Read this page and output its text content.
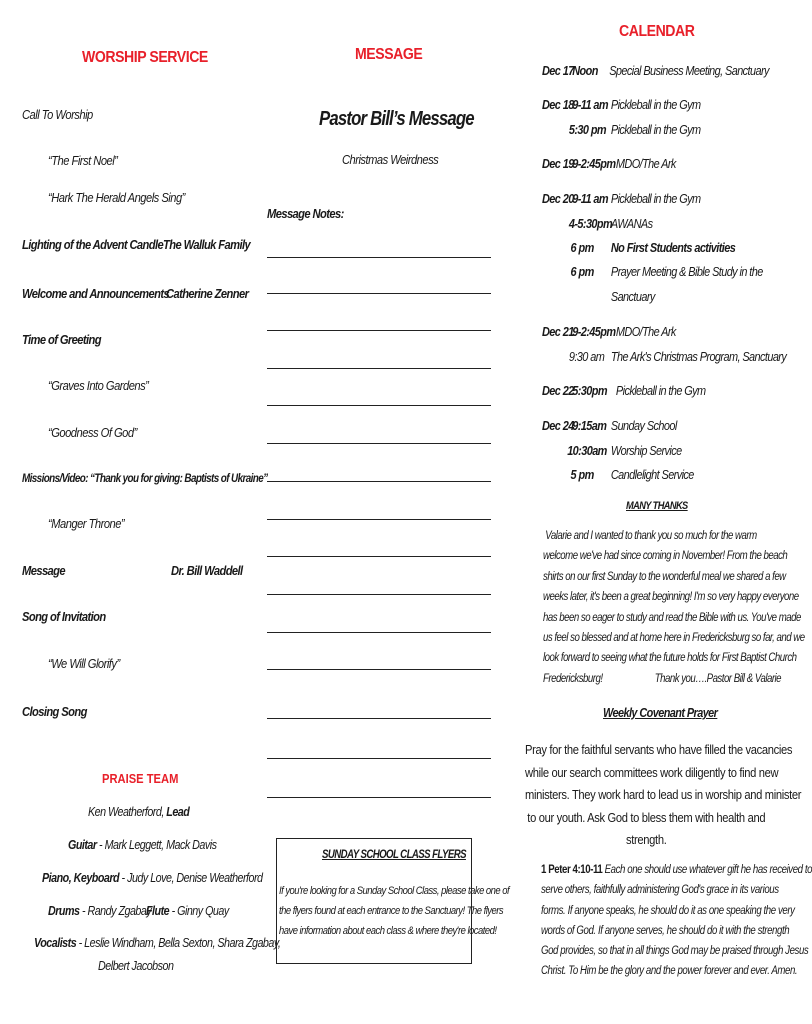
WORSHIP SERVICE
Call To Worship
“The First Noel”
“Hark The Herald Angels Sing”
Lighting of the Advent Candle The Walluk Family
Welcome and Announcements
Catherine Zenner
Time of Greeting
“Graves Into Gardens”
“Goodness Of God”
Missions/Video: “Thank you for giving: Baptists of Ukraine”
“Manger Throne”
Message	Dr. Bill Waddell
Song of Invitation
“We Will Glorify”
Closing Song
PRAISE TEAM
Ken Weatherford, Lead
Guitar - Mark Leggett, Mack Davis
Piano, Keyboard - Judy Love, Denise Weatherford
Drums - Randy Zgabay
Flute - Ginny Quay
Vocalists - Leslie Windham, Bella Sexton, Shara Zgabay,
Delbert Jacobson
MESSAGE
Pastor Bill’s Message
Christmas Weirdness
Message Notes:
SUNDAY SCHOOL CLASS FLYERS
If you're looking for a Sunday School Class, please take one of
the flyers found at each entrance to the Sanctuary! The flyers
have information about each class & where they're located!
CALENDAR
Dec 17
Noon Special Business Meeting, Sanctuary
Dec 18
9-11 am Pickleball in the Gym
5:30 pm Pickleball in the Gym
Dec 19
9-2:45pm MDO/The Ark
Dec 20
9-11 am Pickleball in the Gym
4-5:30pm
AWANAs
6 pm No First Students activities
6 pm Prayer Meeting & Bible Study in the
Sanctuary
Dec 21
9-2:45pm MDO/The Ark
9:30 am The Ark's Christmas Program, Sanctuary
Dec 22
5:30pm Pickleball in the Gym
Dec 24
9:15am Sunday School
10:30am Worship Service
5 pm Candlelight Service
MANY THANKS
Valarie and I wanted to thank you so much for the warm
welcome we've had since coming in November! From the beach
shirts on our first Sunday to the wonderful meal we shared a few
weeks later, it's been a great beginning! I'm so very happy everyone
has been so eager to study and read the Bible with us. You've made
us feel so blessed and at home here in Fredericksburg so far, and we
look forward to seeing what the future holds for First Baptist Church
Fredericksburg!	Thank you….Pastor Bill & Valarie
Weekly Covenant Prayer
Pray for the faithful servants who have filled the vacancies
while our search committees work diligently to find new
ministers. They work hard to lead us in worship and minister
to our youth. Ask God to bless them with health and
strength.
1 Peter 4:10-11 Each one should use whatever gift he has received to
serve others, faithfully administering God's grace in its various
forms. If anyone speaks, he should do it as one speaking the very
words of God. If anyone serves, he should do it with the strength
God provides, so that in all things God may be praised through Jesus
Christ. To Him be the glory and the power forever and ever. Amen.
